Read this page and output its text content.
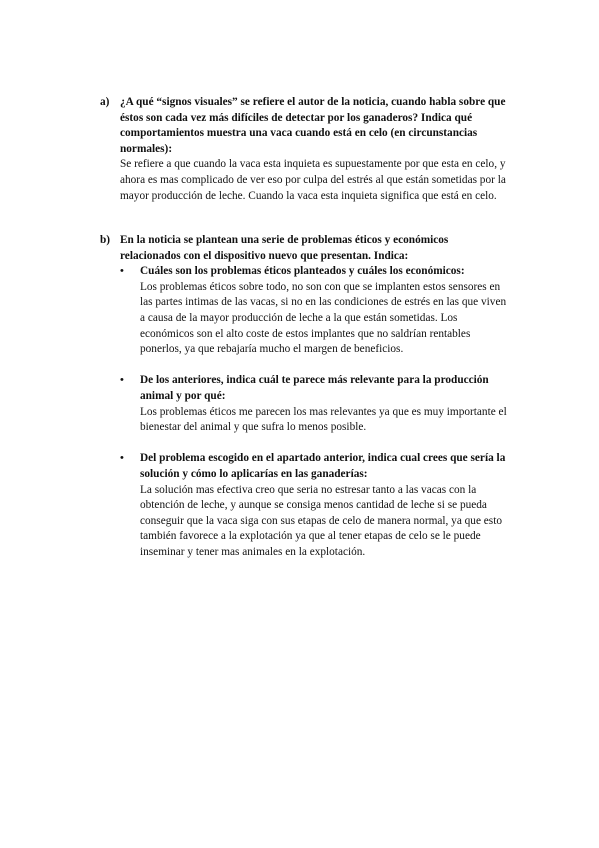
a) ¿A qué “signos visuales” se refiere el autor de la noticia, cuando habla sobre que éstos son cada vez más difíciles de detectar por los ganaderos? Indica qué comportamientos muestra una vaca cuando está en celo (en circunstancias normales):
Se refiere a que cuando la vaca esta inquieta es supuestamente por que esta en celo, y ahora es mas complicado de ver eso por culpa del estrés al que están sometidas por la mayor producción de leche. Cuando la vaca esta inquieta significa que está en celo.
b) En la noticia se plantean una serie de problemas éticos y económicos relacionados con el dispositivo nuevo que presentan. Indica:
• Cuáles son los problemas éticos planteados y cuáles los económicos:
Los problemas éticos sobre todo, no son con que se implanten estos sensores en las partes intimas de las vacas, si no en las condiciones de estrés en las que viven a causa de la mayor producción de leche a la que están sometidas. Los económicos son el alto coste de estos implantes que no saldrían rentables ponerlos, ya que rebajaría mucho el margen de beneficios.
• De los anteriores, indica cuál te parece más relevante para la producción animal y por qué:
Los problemas éticos me parecen los mas relevantes ya que es muy importante el bienestar del animal y que sufra lo menos posible.
• Del problema escogido en el apartado anterior, indica cual crees que sería la solución y cómo lo aplicarías en las ganaderías:
La solución mas efectiva creo que seria no estresar tanto a las vacas con la obtención de leche, y aunque se consiga menos cantidad de leche si se pueda conseguir que la vaca siga con sus etapas de celo de manera normal, ya que esto también favorece a la explotación ya que al tener etapas de celo se le puede inseminar y tener mas animales en la explotación.
